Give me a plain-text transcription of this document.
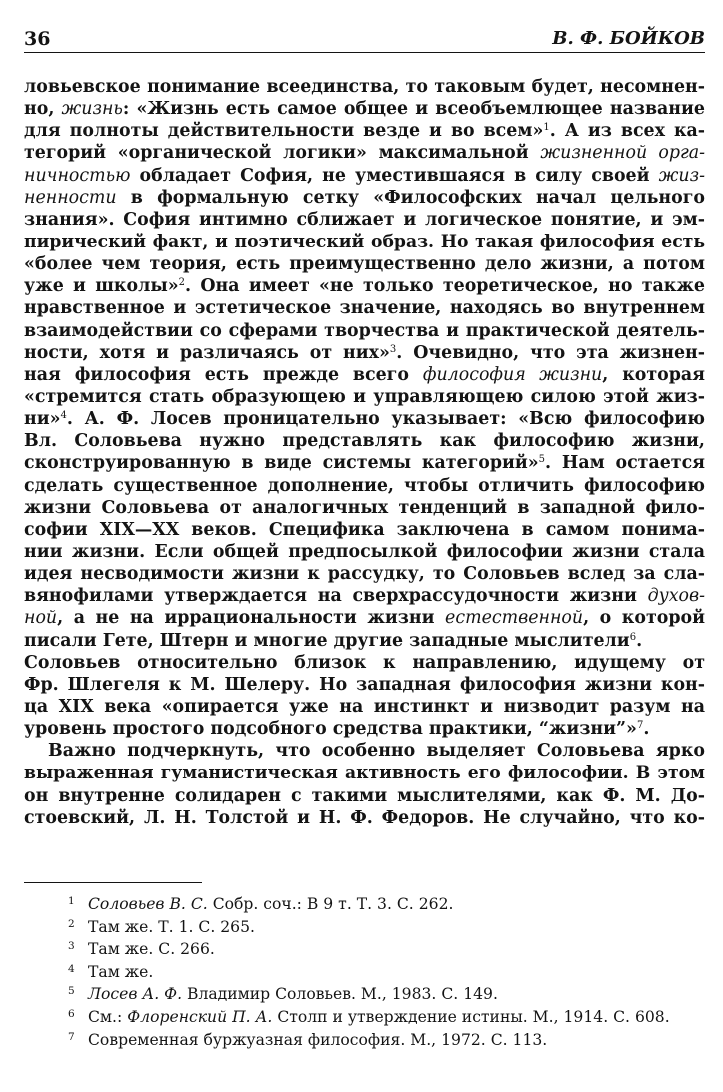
36	В. Ф. БОЙКОВ
ловьевское понимание всеединства, то таковым будет, несомнен-
но, жизнь: «Жизнь есть самое общее и всеобъемлющее название
для полноты действительности везде и во всем»$^1$. А из всех ка-
тегорий «органической логики» максимальной жизненной орга-
ничностью обладает София, не уместившаяся в силу своей жиз-
ненности в формальную сетку «Философских начал цельного
знания». София интимно сближает и логическое понятие, и эм-
пирический факт, и поэтический образ. Но такая философия есть
«более чем теория, есть преимущественно дело жизни, а потом
уже и школы»$^2$. Она имеет «не только теоретическое, но также
нравственное и эстетическое значение, находясь во внутреннем
взаимодействии со сферами творчества и практической деятель-
ности, хотя и различаясь от них»$^3$. Очевидно, что эта жизнен-
ная философия есть прежде всего философия жизни, которая
«стремится стать образующею и управляющею силою этой жиз-
ни»$^4$. А. Ф. Лосев проницательно указывает: «Всю философию
Вл. Соловьева нужно представлять как философию жизни,
сконструированную в виде системы категорий»$^5$. Нам остается
сделать существенное дополнение, чтобы отличить философию
жизни Соловьева от аналогичных тенденций в западной фило-
софии XIX—XX веков. Специфика заключена в самом понима-
нии жизни. Если общей предпосылкой философии жизни стала
идея несводимости жизни к рассудку, то Соловьев вслед за сла-
вянофилами утверждается на сверхрассудочности жизни духов-
ной, а не на иррациональности жизни естественной, о которой
писали Гете, Штерн и многие другие западные мыслители$^6$.
Соловьев относительно близок к направлению, идущему от
Фр. Шлегеля к М. Шелеру. Но западная философия жизни кон-
ца XIX века «опирается уже на инстинкт и низводит разум на
уровень простого подсобного средства практики, “жизни”»$^7$.
Важно подчеркнуть, что особенно выделяет Соловьева ярко
выраженная гуманистическая активность его философии. В этом
он внутренне солидарен с такими мыслителями, как Ф. М. До-
стоевский, Л. Н. Толстой и Н. Ф. Федоров. Не случайно, что ко-
1 Соловьев В. С. Собр. соч.: В 9 т. Т. 3. С. 262.
2 Там же. Т. 1. С. 265.
3 Там же. С. 266.
4 Там же.
5 Лосев А. Ф. Владимир Соловьев. М., 1983. С. 149.
6 См.: Флоренский П. А. Столп и утверждение истины. М., 1914. С. 608.
7 Современная буржуазная философия. М., 1972. С. 113.
